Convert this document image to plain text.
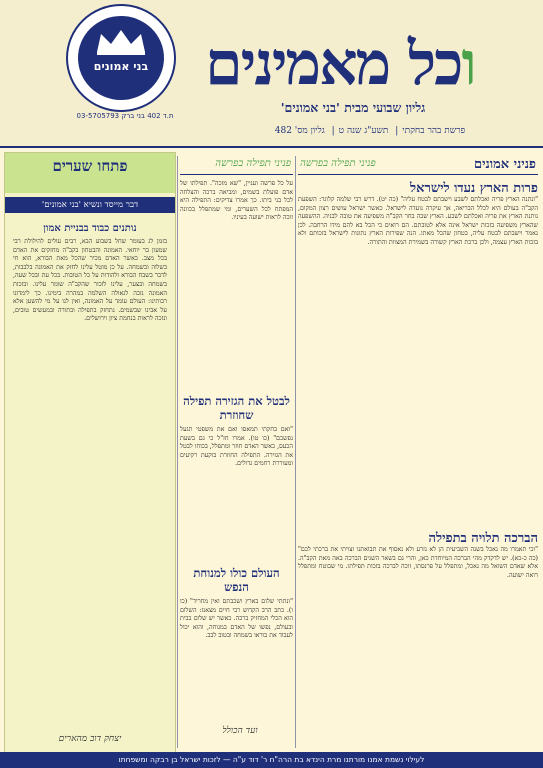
וכל מאמינים
גליון שבועי מבית 'בני אמונים'
פרשת בהר בחקתי| תשע"ג שנה ט| גליון מס' 482
בני אמונים
ת.ד 402 בני ברק 03-5705793
פניני אמונים
פניני תפילה בפרשה
פרות הארץ נעדו לישראל
"ונתנה הארץ פריה ואכלתם לשבע וישבתם לבטח עליה" (כה יט). דרש רבי שלמה קלוגר: השפעת הקב"ה בעולם היא לכלל הבריאה, אך עיקרה נועדה לישראל. כאשר ישראל עושים רצון המקום, נותנת הארץ את פריה ואכלתם לשבע. הארץ שבה בחר הקב"ה משפיעה את טובה לבניה. ההשפעה שהארץ משפיעה בזכות ישראל אינה אלא לטובתם. הם רואים כי הכל בא להם מידו הרחבה. לכן נאמר וישבתם לבטח עליה, בטחון שהכל מאתו. הנה שפירות הארץ נתונות לישראל בזכותם ולא בזכות הארץ עצמה, ולכן ברכת הארץ קשורה בשמירת המצוות והתורה.
הברכה תלויה בתפילה
"וכי תאמרו מה נאכל בשנה השביעית הן לא נזרע ולא נאסוף את תבואתנו וצויתי את ברכתי לכם" (כה כ-כא). יש לדקדק מהי הברכה המיוחדת כאן, והרי גם בשאר השנים הברכה באה מאת הקב"ה. אלא שאדם השואל מה נאכל, ומתפלל על פרנסתו, זוכה לברכה בזכות תפילתו. מי שבוטח ומתפלל רואה ישועה.
פניני תפילה בפרשה
על כל פרשה ועניין, "שא מזכה". תפילתו של אדם פועלת בשמים, ומביאה ברכה והצלחה לכל בני ביתו. כך אמרו צדיקים: התפילה היא המפתח לכל השערים, ומי שמתפלל בכוונה זוכה לראות ישועה בעיניו.
לבטל את הגזירה תפילה שחוזרת
"ואם בחקתי תמאסו ואם את משפטי תגעל נפשכם" (כו טו). אמרו חז"ל כי גם בשעת הכעס, כאשר האדם חוזר ומתפלל, בכוחו לבטל את הגזירה. התפילה החוזרת בוקעת רקיעים ומעוררת רחמים גדולים.
העולם כולו למנוחת הנפש
"ונתתי שלום בארץ ושכבתם ואין מחריד" (כו ו). כתב הרב הקדוש רבי חיים מצאנז: השלום הוא הכלי המחזיק ברכה. כאשר יש שלום בבית ובעולם, נפשו של האדם במנוחה, והוא יכול לעבוד את בוראו בשמחה ובטוב לבב.
ועד הכולל
פתחו שערים
דבר מייסד ונשיא 'בני אמונים'
נותנים כבוד בבניית אמון
בזמן לג בעומר שחל בשבוע הבא, רבים עולים להילולת רבי שמעון בר יוחאי. האמונה והבטחון בקב"ה מחזקים את האדם בכל מצב. כאשר האדם מכיר שהכל מאת הבורא, הוא חי בשלוה ובשמחה. על כן מוטל עלינו לחזק את האמונה בלבבות, לדבר בשבח הבורא ולהודות על כל הטובות. בכל עת ובכל שעה, בשמחה ובצער, עלינו לזכור שהקב"ה שומר עלינו. ובזכות האמונה נזכה לגאולה השלמה במהרה בימינו. כך לימדונו רבותינו: העולם עומד על האמונה, ואין לנו על מי להשען אלא על אבינו שבשמים. נתחזק בתפילה ובתורה ובמעשים טובים, ונזכה לראות בנחמת ציון וירושלים.
יצחק דוב מהארים
לעילוי נשמת אמנו מורתנו מרת הינדא בת הרה"ח ר' דוד ע"ה — לזכות ישראל בן רבקה ומשפחתו
